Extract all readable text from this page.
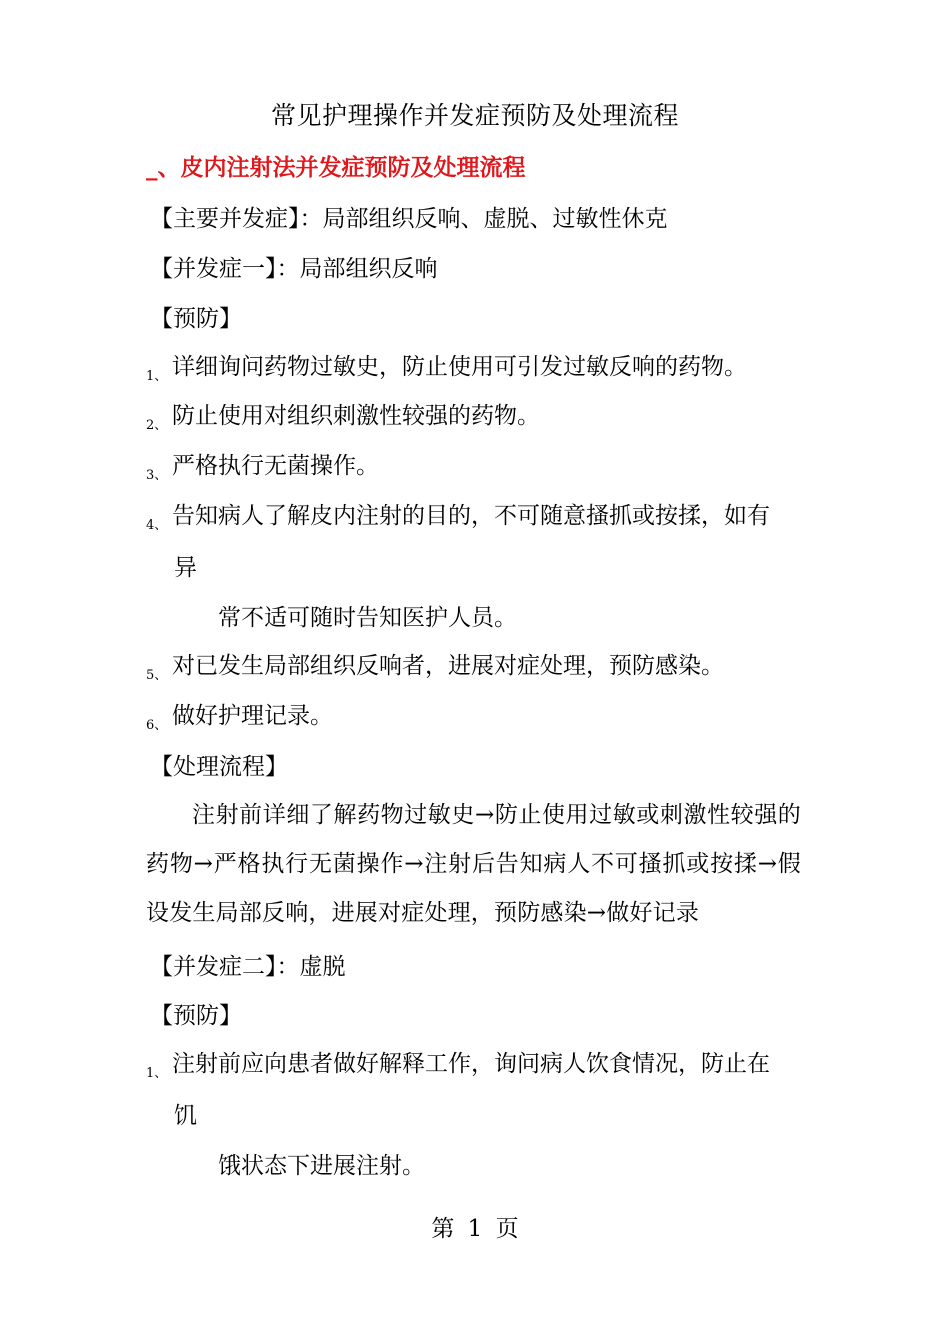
常见护理操作并发症预防及处理流程
_、皮内注射法并发症预防及处理流程
【主要并发症】：局部组织反响、虚脱、过敏性休克
【并发症一】：局部组织反响
【预防】
1、 详细询问药物过敏史，防止使用可引发过敏反响的药物。
2、 防止使用对组织刺激性较强的药物。
3、 严格执行无菌操作。
4、 告知病人了解皮内注射的目的，不可随意搔抓或按揉，如有
异
常不适可随时告知医护人员。
5、 对已发生局部组织反响者，进展对症处理，预防感染。
6、 做好护理记录。
【处理流程】
注射前详细了解药物过敏史→防止使用过敏或刺激性较强的药物→严格执行无菌操作→注射后告知病人不可搔抓或按揉→假设发生局部反响，进展对症处理，预防感染→做好记录
【并发症二】：虚脱
【预防】
1、 注射前应向患者做好解释工作，询问病人饮食情况，防止在
饥
饿状态下进展注射。
第 1 页
